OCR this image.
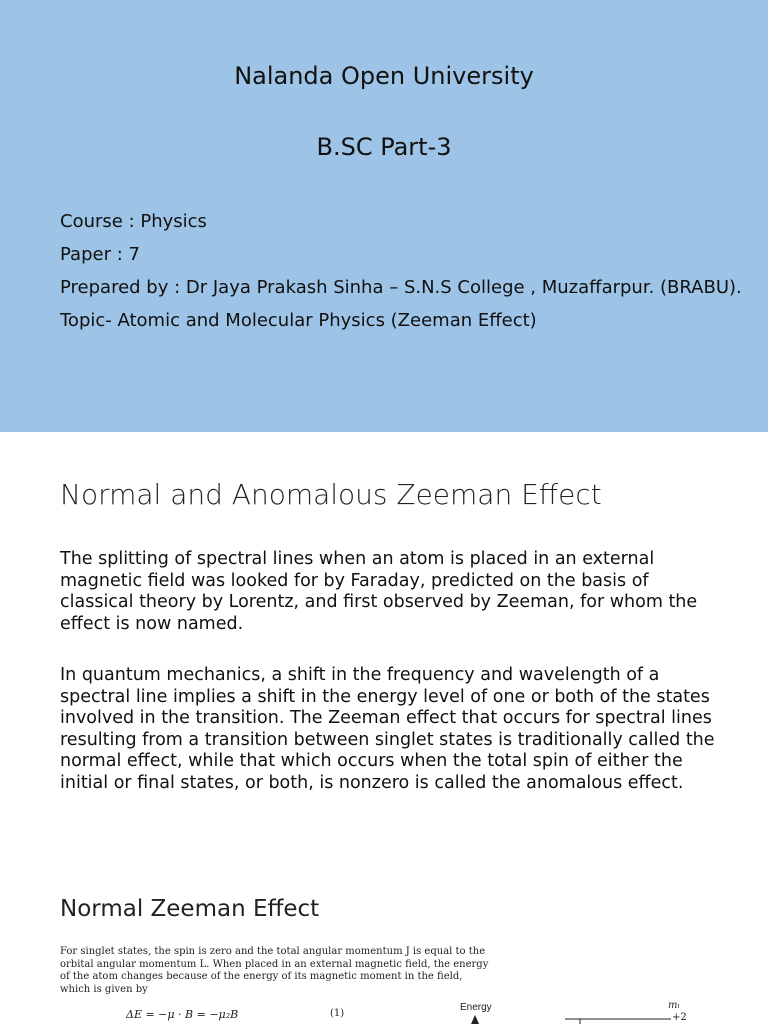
Nalanda Open University
B.SC Part-3
Course : Physics
Paper : 7
Prepared by : Dr Jaya Prakash Sinha – S.N.S College , Muzaffarpur. (BRABU).
Topic- Atomic and Molecular Physics (Zeeman Effect)
Normal and Anomalous Zeeman Effect
The splitting of spectral lines when an atom is placed in an external magnetic field was looked for by Faraday, predicted on the basis of classical theory by Lorentz, and first observed by Zeeman, for whom the effect is now named.
In quantum mechanics, a shift in the frequency and wavelength of a spectral line implies a shift in the energy level of one or both of the states involved in the transition. The Zeeman effect that occurs for spectral lines resulting from a transition between singlet states is traditionally called the normal effect, while that which occurs when the total spin of either the initial or final states, or both, is nonzero is called the anomalous effect.
Normal Zeeman Effect
For singlet states, the spin is zero and the total angular momentum J is equal to the orbital angular momentum L. When placed in an external magnetic field, the energy of the atom changes because of the energy of its magnetic moment in the field, which is given by
ΔE = −μ · B = −μ₂B	(1)
Energy	mₗ
+2
